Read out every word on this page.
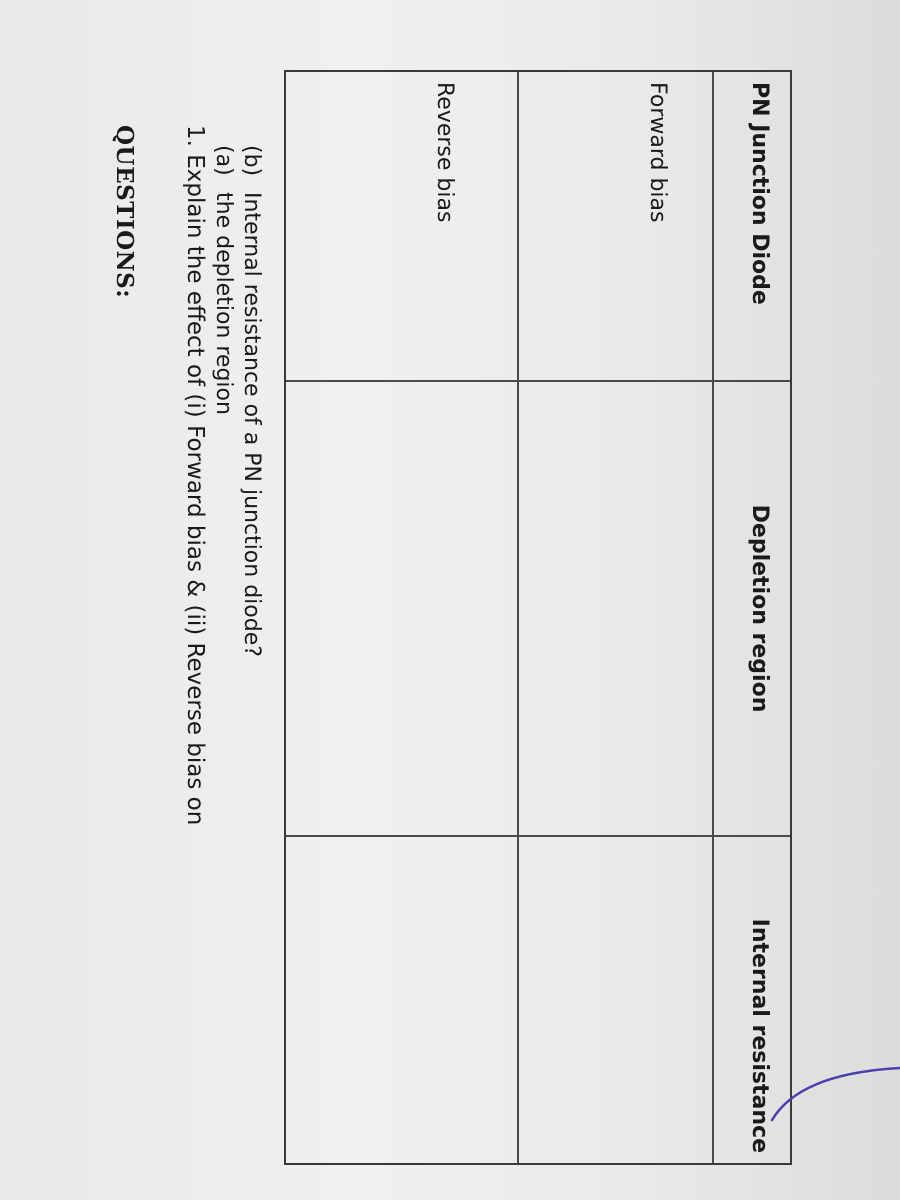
QUESTIONS: 1. Explain the effect of (i) Forward bias & (ii) Reverse bias on (a) the depletion region
(b) Internal resistance of a PN junction diode?	PN Junction Diode
Depletion region
Internal resistance
Forward bias
Reverse bias
